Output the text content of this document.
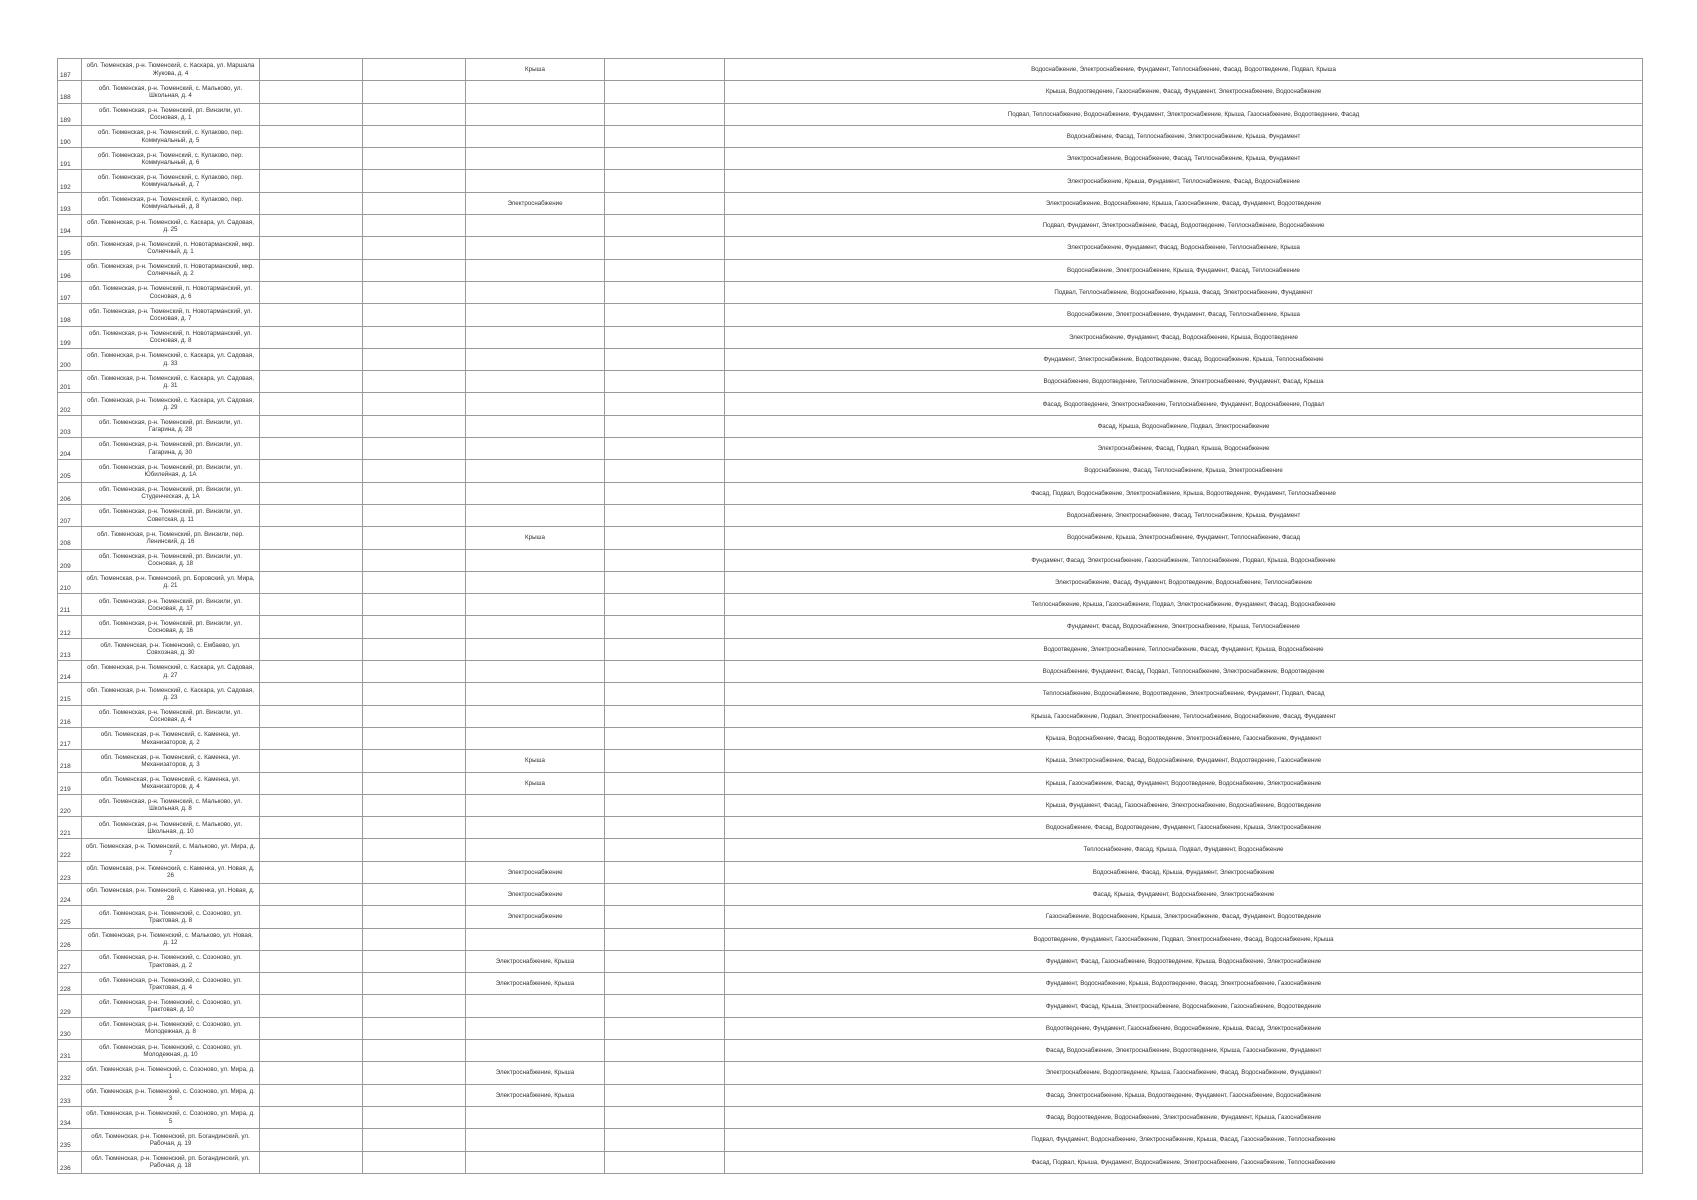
187	обл. Тюменская, р-н. Тюменский, с. Каскара, ул. Маршала Жукова, д. 4			Крыша		Водоснабжение, Электроснабжение, Фундамент, Теплоснабжение, Фасад, Водоотведение, Подвал, Крыша
188	обл. Тюменская, р-н. Тюменский, с. Мальково, ул. Школьная, д. 4					Крыша, Водоотведение, Газоснабжение, Фасад, Фундамент, Электроснабжение, Водоснабжение
189	обл. Тюменская, р-н. Тюменский, рп. Винзили, ул. Сосновая, д. 1					Подвал, Теплоснабжение, Водоснабжение, Фундамент, Электроснабжение, Крыша, Газоснабжение, Водоотведение, Фасад
190	обл. Тюменская, р-н. Тюменский, с. Кулаково, пер. Коммунальный, д. 5					Водоснабжение, Фасад, Теплоснабжение, Электроснабжение, Крыша, Фундамент
191	обл. Тюменская, р-н. Тюменский, с. Кулаково, пер. Коммунальный, д. 6					Электроснабжение, Водоснабжение, Фасад, Теплоснабжение, Крыша, Фундамент
192	обл. Тюменская, р-н. Тюменский, с. Кулаково, пер. Коммунальный, д. 7					Электроснабжение, Крыша, Фундамент, Теплоснабжение, Фасад, Водоснабжение
193	обл. Тюменская, р-н. Тюменский, с. Кулаково, пер. Коммунальный, д. 8			Электроснабжение		Электроснабжение, Водоснабжение, Крыша, Газоснабжение, Фасад, Фундамент, Водоотведение
194	обл. Тюменская, р-н. Тюменский, с. Каскара, ул. Садовая, д. 25					Подвал, Фундамент, Электроснабжение, Фасад, Водоотведение, Теплоснабжение, Водоснабжение
195	обл. Тюменская, р-н. Тюменский, п. Новотарманский, мкр. Солнечный, д. 1					Электроснабжение, Фундамент, Фасад, Водоснабжение, Теплоснабжение, Крыша
196	обл. Тюменская, р-н. Тюменский, п. Новотарманский, мкр. Солнечный, д. 2					Водоснабжение, Электроснабжение, Крыша, Фундамент, Фасад, Теплоснабжение
197	обл. Тюменская, р-н. Тюменский, п. Новотарманский, ул. Сосновая, д. 6					Подвал, Теплоснабжение, Водоснабжение, Крыша, Фасад, Электроснабжение, Фундамент
198	обл. Тюменская, р-н. Тюменский, п. Новотарманский, ул. Сосновая, д. 7					Водоснабжение, Электроснабжение, Фундамент, Фасад, Теплоснабжение, Крыша
199	обл. Тюменская, р-н. Тюменский, п. Новотарманский, ул. Сосновая, д. 8					Электроснабжение, Фундамент, Фасад, Водоснабжение, Крыша, Водоотведение
200	обл. Тюменская, р-н. Тюменский, с. Каскара, ул. Садовая, д. 33					Фундамент, Электроснабжение, Водоотведение, Фасад, Водоснабжение, Крыша, Теплоснабжение
201	обл. Тюменская, р-н. Тюменский, с. Каскара, ул. Садовая, д. 31					Водоснабжение, Водоотведение, Теплоснабжение, Электроснабжение, Фундамент, Фасад, Крыша
202	обл. Тюменская, р-н. Тюменский, с. Каскара, ул. Садовая, д. 29					Фасад, Водоотведение, Электроснабжение, Теплоснабжение, Фундамент, Водоснабжение, Подвал
203	обл. Тюменская, р-н. Тюменский, рп. Винзили, ул. Гагарина, д. 28					Фасад, Крыша, Водоснабжение, Подвал, Электроснабжение
204	обл. Тюменская, р-н. Тюменский, рп. Винзили, ул. Гагарина, д. 30					Электроснабжение, Фасад, Подвал, Крыша, Водоснабжение
205	обл. Тюменская, р-н. Тюменский, рп. Винзили, ул. Юбилейная, д. 1А					Водоснабжение, Фасад, Теплоснабжение, Крыша, Электроснабжение
206	обл. Тюменская, р-н. Тюменский, рп. Винзили, ул. Студенческая, д. 1А					Фасад, Подвал, Водоснабжение, Электроснабжение, Крыша, Водоотведение, Фундамент, Теплоснабжение
207	обл. Тюменская, р-н. Тюменский, рп. Винзили, ул. Советская, д. 11					Водоснабжение, Электроснабжение, Фасад, Теплоснабжение, Крыша, Фундамент
208	обл. Тюменская, р-н. Тюменский, рп. Винзили, пер. Ленинский, д. 16			Крыша		Водоснабжение, Крыша, Электроснабжение, Фундамент, Теплоснабжение, Фасад
209	обл. Тюменская, р-н. Тюменский, рп. Винзили, ул. Сосновая, д. 18					Фундамент, Фасад, Электроснабжение, Газоснабжение, Теплоснабжение, Подвал, Крыша, Водоснабжение
210	обл. Тюменская, р-н. Тюменский, рп. Боровский, ул. Мира, д. 21					Электроснабжение, Фасад, Фундамент, Водоотведение, Водоснабжение, Теплоснабжение
211	обл. Тюменская, р-н. Тюменский, рп. Винзили, ул. Сосновая, д. 17					Теплоснабжение, Крыша, Газоснабжение, Подвал, Электроснабжение, Фундамент, Фасад, Водоснабжение
212	обл. Тюменская, р-н. Тюменский, рп. Винзили, ул. Сосновая, д. 16					Фундамент, Фасад, Водоснабжение, Электроснабжение, Крыша, Теплоснабжение
213	обл. Тюменская, р-н. Тюменский, с. Ембаево, ул. Совхозная, д. 30					Водоотведение, Электроснабжение, Теплоснабжение, Фасад, Фундамент, Крыша, Водоснабжение
214	обл. Тюменская, р-н. Тюменский, с. Каскара, ул. Садовая, д. 27					Водоснабжение, Фундамент, Фасад, Подвал, Теплоснабжение, Электроснабжение, Водоотведение
215	обл. Тюменская, р-н. Тюменский, с. Каскара, ул. Садовая, д. 23					Теплоснабжение, Водоснабжение, Водоотведение, Электроснабжение, Фундамент, Подвал, Фасад
216	обл. Тюменская, р-н. Тюменский, рп. Винзили, ул. Сосновая, д. 4					Крыша, Газоснабжение, Подвал, Электроснабжение, Теплоснабжение, Водоснабжение, Фасад, Фундамент
217	обл. Тюменская, р-н. Тюменский, с. Каменка, ул. Механизаторов, д. 2					Крыша, Водоснабжение, Фасад, Водоотведение, Электроснабжение, Газоснабжение, Фундамент
218	обл. Тюменская, р-н. Тюменский, с. Каменка, ул. Механизаторов, д. 3			Крыша		Крыша, Электроснабжение, Фасад, Водоснабжение, Фундамент, Водоотведение, Газоснабжение
219	обл. Тюменская, р-н. Тюменский, с. Каменка, ул. Механизаторов, д. 4			Крыша		Крыша, Газоснабжение, Фасад, Фундамент, Водоотведение, Водоснабжение, Электроснабжение
220	обл. Тюменская, р-н. Тюменский, с. Мальково, ул. Школьная, д. 8					Крыша, Фундамент, Фасад, Газоснабжение, Электроснабжение, Водоснабжение, Водоотведение
221	обл. Тюменская, р-н. Тюменский, с. Мальково, ул. Школьная, д. 10					Водоснабжение, Фасад, Водоотведение, Фундамент, Газоснабжение, Крыша, Электроснабжение
222	обл. Тюменская, р-н. Тюменский, с. Мальково, ул. Мира, д. 7					Теплоснабжение, Фасад, Крыша, Подвал, Фундамент, Водоснабжение
223	обл. Тюменская, р-н. Тюменский, с. Каменка, ул. Новая, д. 26			Электроснабжение		Водоснабжение, Фасад, Крыша, Фундамент, Электроснабжение
224	обл. Тюменская, р-н. Тюменский, с. Каменка, ул. Новая, д. 28			Электроснабжение		Фасад, Крыша, Фундамент, Водоснабжение, Электроснабжение
225	обл. Тюменская, р-н. Тюменский, с. Созоново, ул. Трактовая, д. 8			Электроснабжение		Газоснабжение, Водоснабжение, Крыша, Электроснабжение, Фасад, Фундамент, Водоотведение
226	обл. Тюменская, р-н. Тюменский, с. Мальково, ул. Новая, д. 12					Водоотведение, Фундамент, Газоснабжение, Подвал, Электроснабжение, Фасад, Водоснабжение, Крыша
227	обл. Тюменская, р-н. Тюменский, с. Созоново, ул. Трактовая, д. 2			Электроснабжение, Крыша		Фундамент, Фасад, Газоснабжение, Водоотведение, Крыша, Водоснабжение, Электроснабжение
228	обл. Тюменская, р-н. Тюменский, с. Созоново, ул. Трактовая, д. 4			Электроснабжение, Крыша		Фундамент, Водоснабжение, Крыша, Водоотведение, Фасад, Электроснабжение, Газоснабжение
229	обл. Тюменская, р-н. Тюменский, с. Созоново, ул. Трактовая, д. 10					Фундамент, Фасад, Крыша, Электроснабжение, Водоснабжение, Газоснабжение, Водоотведение
230	обл. Тюменская, р-н. Тюменский, с. Созоново, ул. Молодежная, д. 8					Водоотведение, Фундамент, Газоснабжение, Водоснабжение, Крыша, Фасад, Электроснабжение
231	обл. Тюменская, р-н. Тюменский, с. Созоново, ул. Молодежная, д. 10					Фасад, Водоснабжение, Электроснабжение, Водоотведение, Крыша, Газоснабжение, Фундамент
232	обл. Тюменская, р-н. Тюменский, с. Созоново, ул. Мира, д. 1			Электроснабжение, Крыша		Электроснабжение, Водоотведение, Крыша, Газоснабжение, Фасад, Водоснабжение, Фундамент
233	обл. Тюменская, р-н. Тюменский, с. Созоново, ул. Мира, д. 3			Электроснабжение, Крыша		Фасад, Электроснабжение, Крыша, Водоотведение, Фундамент, Газоснабжение, Водоснабжение
234	обл. Тюменская, р-н. Тюменский, с. Созоново, ул. Мира, д. 5					Фасад, Водоотведение, Водоснабжение, Электроснабжение, Фундамент, Крыша, Газоснабжение
235	обл. Тюменская, р-н. Тюменский, рп. Богандинский, ул. Рабочая, д. 19					Подвал, Фундамент, Водоснабжение, Электроснабжение, Крыша, Фасад, Газоснабжение, Теплоснабжение
236	обл. Тюменская, р-н. Тюменский, рп. Богандинский, ул. Рабочая, д. 18					Фасад, Подвал, Крыша, Фундамент, Водоснабжение, Электроснабжение, Газоснабжение, Теплоснабжение
